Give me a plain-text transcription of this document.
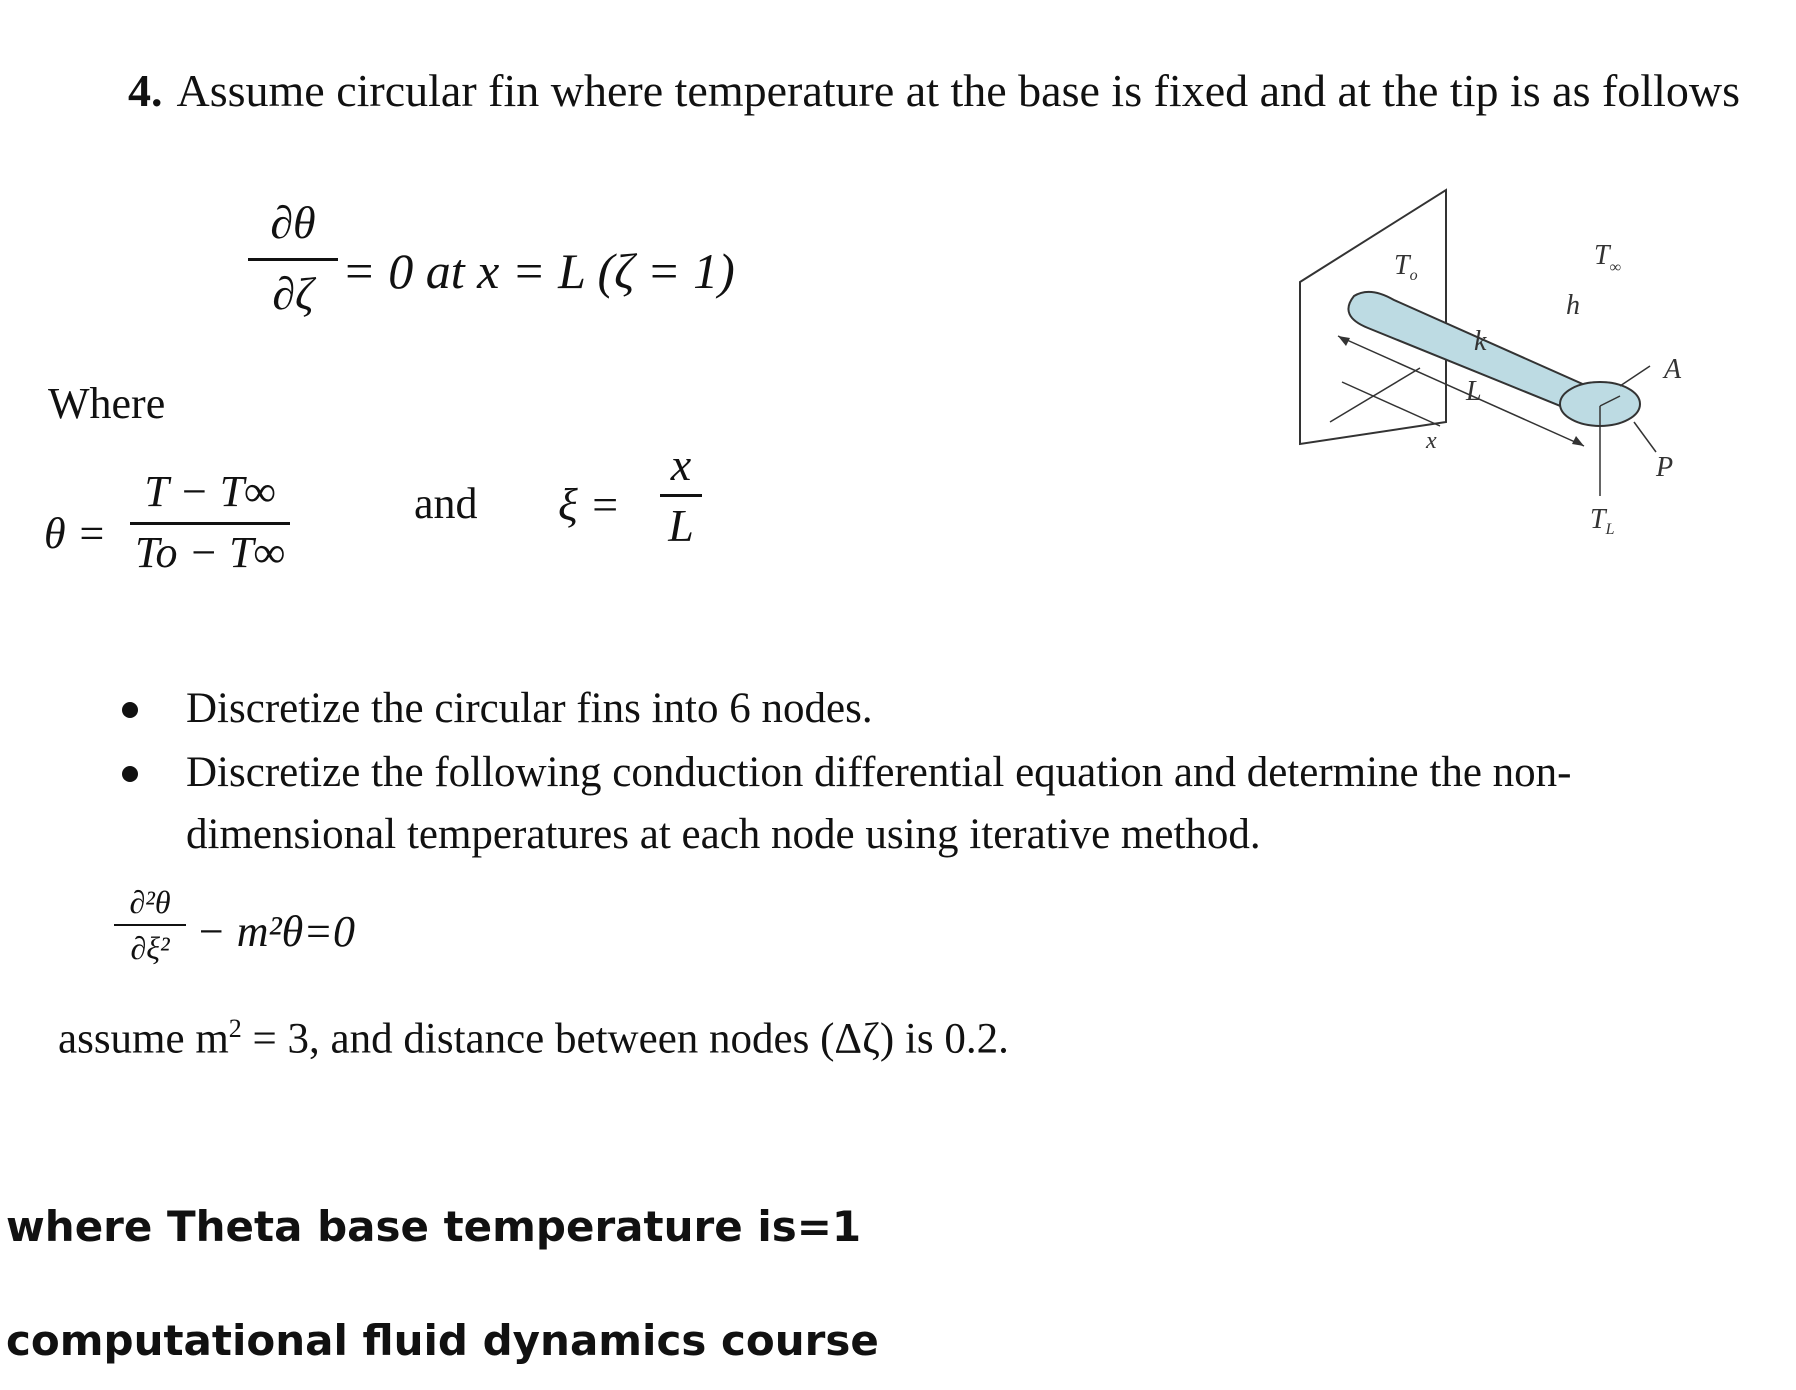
4. Assume circular fin where temperature at the base is fixed and at the tip is as follows
∂θ
∂ζ = 0 at x = L (ζ = 1)
Where
θ =
T − T∞
To − T∞
and ξ =
x
L
$T_o$
$T_\infty$
h
k
A
L
x
P
$T_L$
Discretize the circular fins into 6 nodes.
Discretize the following conduction differential equation and determine the non-dimensional temperatures at each node using iterative method.
∂²θ
∂ξ² − m²θ=0
assume $m^2 = 3$, and distance between nodes (Δζ) is 0.2.
where Theta base temperature is=1
computational fluid dynamics course
